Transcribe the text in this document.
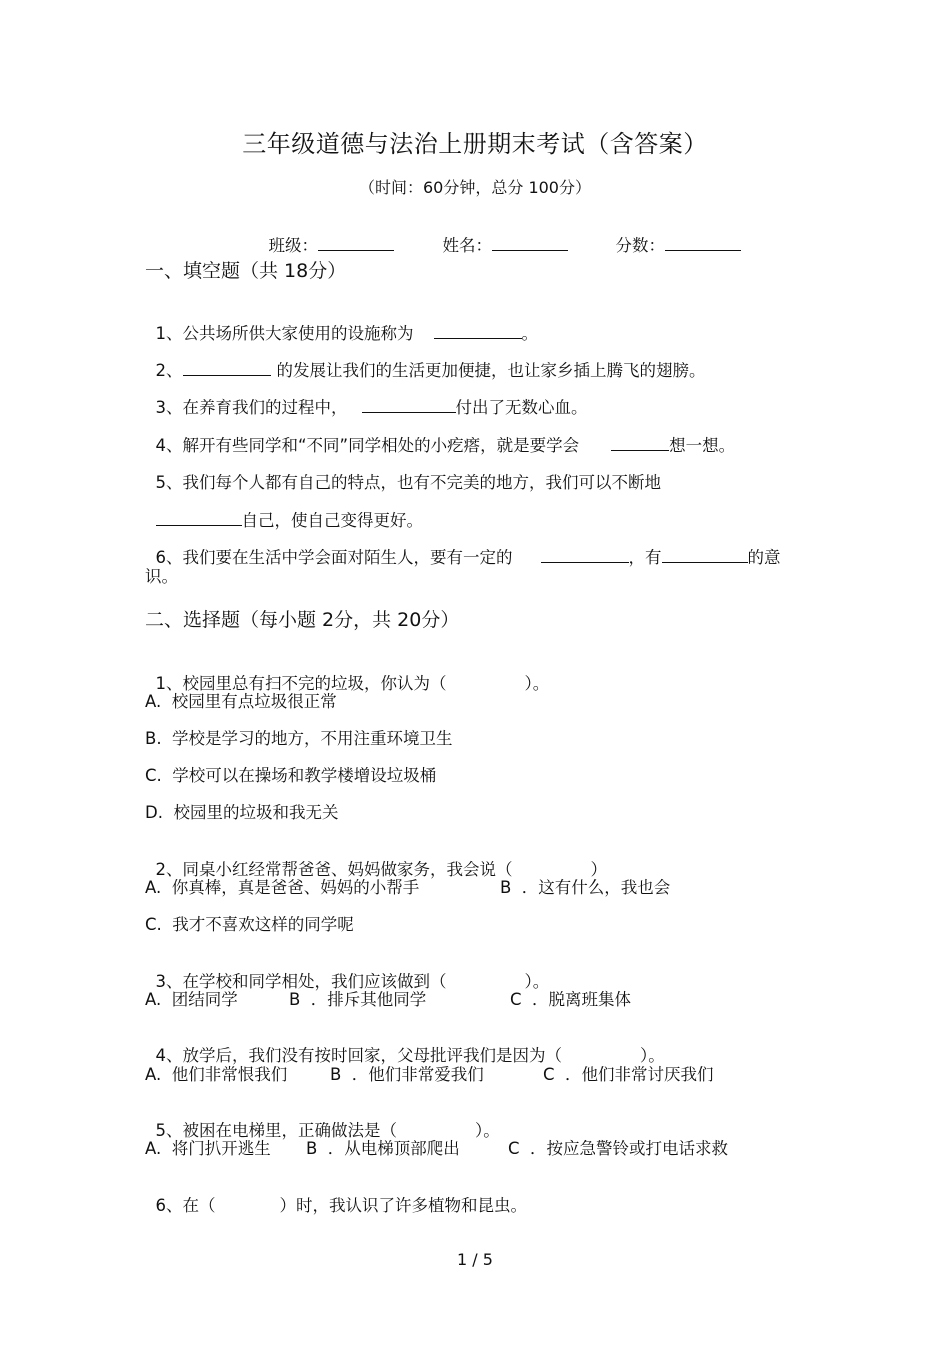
三年级道德与法治上册期末考试（含答案）
（时间：60分钟，总分 100分）

班级：	姓名：	分数：

一、填空题（共 18分）

1、公共场所供大家使用的设施称为	。

2、	的发展让我们的生活更加便捷，也让家乡插上腾飞的翅膀。

3、在养育我们的过程中，	付出了无数心血。

4、解开有些同学和“不同”同学相处的小疙瘩，就是要学会	想一想。

5、我们每个人都有自己的特点，也有不完美的地方，我们可以不断地

自己，使自己变得更好。

6、我们要在生活中学会面对陌生人，要有一定的	，有	的意

识。
二、选择题（每小题 2分，共 20分）

1、校园里总有扫不完的垃圾，你认为（	）。

A.  校园里有点垃圾很正常
B.  学校是学习的地方，不用注重环境卫生
C.  学校可以在操场和教学楼增设垃圾桶
D.  校园里的垃圾和我无关

2、同桌小红经常帮爸爸、妈妈做家务，我会说（	）

A.  你真棒，真是爸爸、妈妈的小帮手	B  ．这有什么，我也会
C.  我才不喜欢这样的同学呢

3、在学校和同学相处，我们应该做到（	）。

A.  团结同学	B  ．排斥其他同学	C  ．脱离班集体

4、放学后，我们没有按时回家，父母批评我们是因为（	）。

A.  他们非常恨我们	B  ．他们非常爱我们	C  ．他们非常讨厌我们

5、被困在电梯里，正确做法是（	）。

A.  将门扒开逃生 B  ．从电梯顶部爬出	C  ．按应急警铃或打电话求救

6、在（	）时，我认识了许多植物和昆虫。

1 / 5
